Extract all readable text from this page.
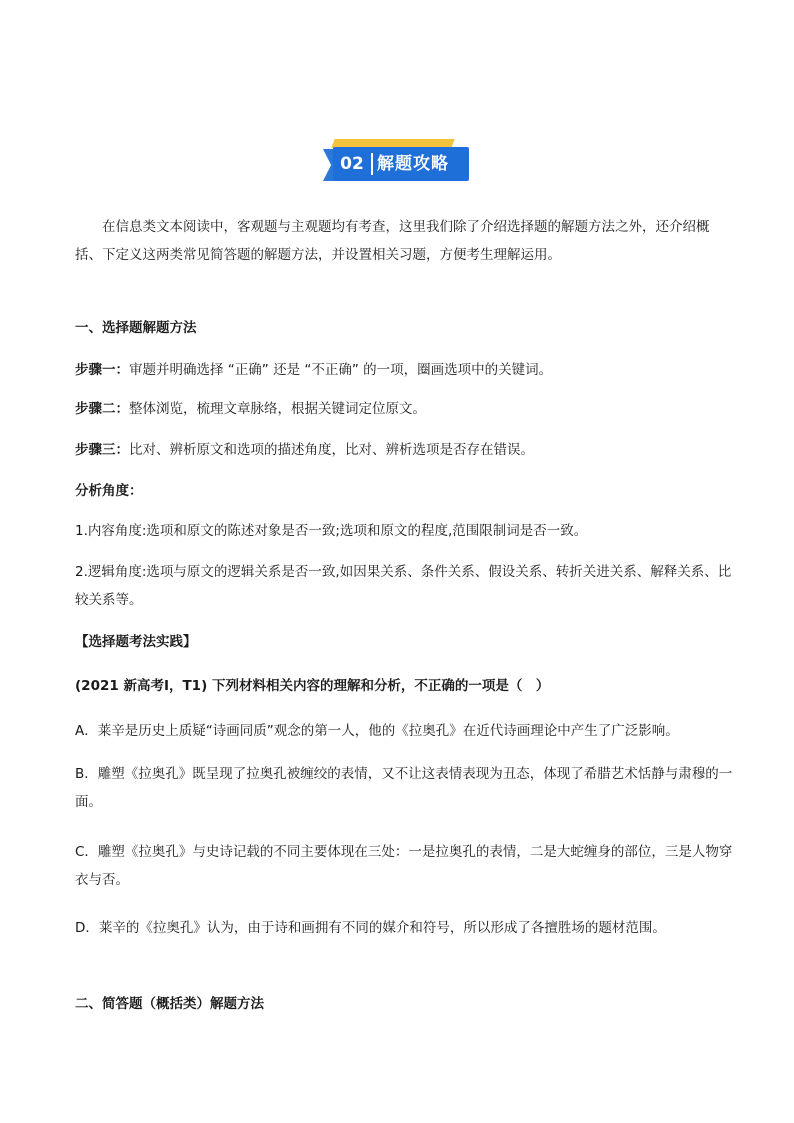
02 解题攻略
在信息类文本阅读中，客观题与主观题均有考查，这里我们除了介绍选择题的解题方法之外，还介绍概括、下定义这两类常见简答题的解题方法，并设置相关习题，方便考生理解运用。
一、选择题解题方法
步骤一：审题并明确选择 “正确” 还是 “不正确” 的一项，圈画选项中的关键词。
步骤二：整体浏览，梳理文章脉络，根据关键词定位原文。
步骤三：比对、辨析原文和选项的描述角度，比对、辨析选项是否存在错误。
分析角度：
1.内容角度:选项和原文的陈述对象是否一致;选项和原文的程度,范围限制词是否一致。
2.逻辑角度:选项与原文的逻辑关系是否一致,如因果关系、条件关系、假设关系、转折关进关系、解释关系、比较关系等。
【选择题考法实践】
(2021 新高考Ⅰ，T1) 下列材料相关内容的理解和分析，不正确的一项是（　）
A．莱辛是历史上质疑“诗画同质”观念的第一人，他的《拉奥孔》在近代诗画理论中产生了广泛影响。
B．雕塑《拉奥孔》既呈现了拉奥孔被缠绞的表情，又不让这表情表现为丑态，体现了希腊艺术恬静与肃穆的一面。
C．雕塑《拉奥孔》与史诗记载的不同主要体现在三处：一是拉奥孔的表情，二是大蛇缠身的部位，三是人物穿衣与否。
D．莱辛的《拉奥孔》认为，由于诗和画拥有不同的媒介和符号，所以形成了各擅胜场的题材范围。
二、简答题（概括类）解题方法
